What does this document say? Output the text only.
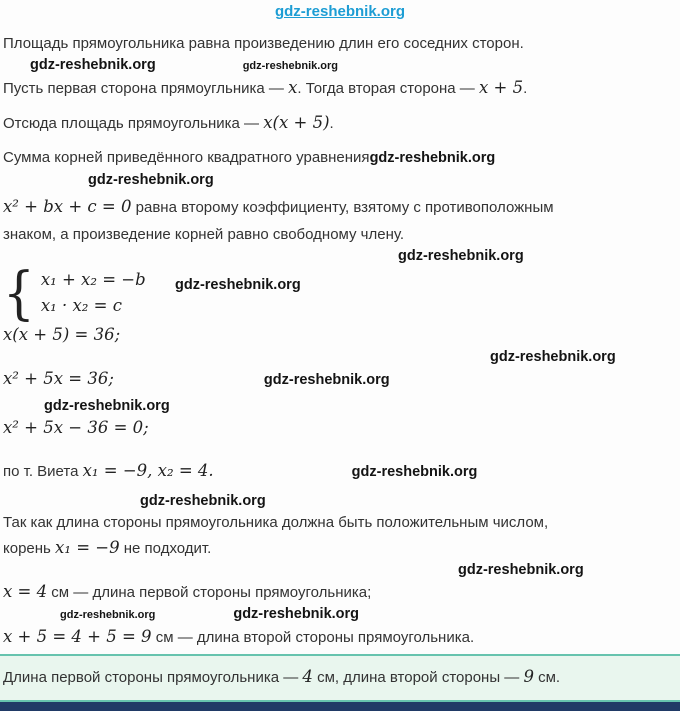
gdz-reshebnik.org
Площадь прямоугольника равна произведению длин его соседних сторон.
gdz-reshebnik.org	gdz-reshebnik.org
Пусть первая сторона прямоугльника — x. Тогда вторая сторона — x + 5.
Отсюда площадь прямоугольника — x(x + 5).
Сумма корней приведённого квадратного уравненияgdz-reshebnik.org
gdz-reshebnik.org
x² + bx + c = 0 равна второму коэффициенту, взятому с противоположным
знаком, а произведение корней равно свободному члену.
gdz-reshebnik.org
{ x₁ + x₂ = −b
x₁ · x₂ = c
gdz-reshebnik.org
x(x + 5) = 36;
gdz-reshebnik.org
x² + 5x = 36;	gdz-reshebnik.org
gdz-reshebnik.org
x² + 5x − 36 = 0;
по т. Виета x₁ = −9, x₂ = 4.	gdz-reshebnik.org
gdz-reshebnik.org
Так как длина стороны прямоугольника должна быть положительным числом,
корень x₁ = −9 не подходит.
gdz-reshebnik.org
x = 4 см — длина первой стороны прямоугольника;
gdz-reshebnik.org	gdz-reshebnik.org
x + 5 = 4 + 5 = 9 см — длина второй стороны прямоугольника.
Длина первой стороны прямоугольника — 4 см, длина второй стороны — 9 см.
